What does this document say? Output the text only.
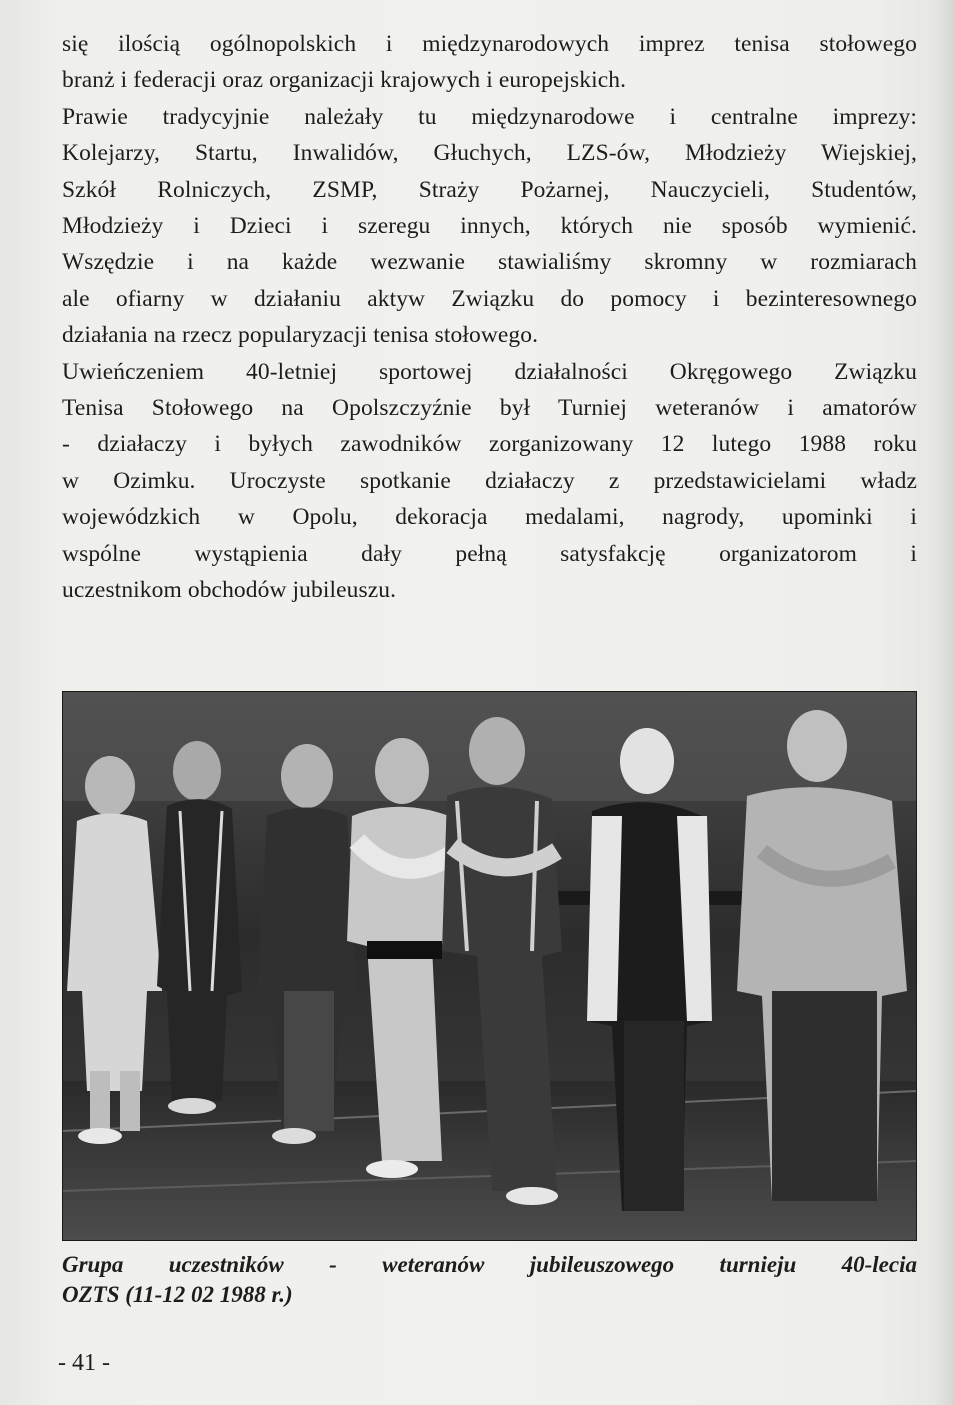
się ilością ogólnopolskich i międzynarodowych imprez tenisa stołowego
branż i federacji oraz organizacji krajowych i europejskich.

Prawie tradycyjnie należały tu międzynarodowe i centralne imprezy:
Kolejarzy, Startu, Inwalidów, Głuchych, LZS-ów, Młodzieży Wiejskiej,
Szkół Rolniczych, ZSMP, Straży Pożarnej, Nauczycieli, Studentów,
Młodzieży i Dzieci i szeregu innych, których nie sposób wymienić.
Wszędzie i na każde wezwanie stawialiśmy skromny w rozmiarach
ale ofiarny w działaniu aktyw Związku do pomocy i bezinteresownego
działania na rzecz popularyzacji tenisa stołowego.

Uwieńczeniem 40-letniej sportowej działalności Okręgowego Związku
Tenisa Stołowego na Opolszczyźnie był Turniej weteranów i amatorów
- działaczy i byłych zawodników zorganizowany 12 lutego 1988 roku
w Ozimku. Uroczyste spotkanie działaczy z przedstawicielami władz
wojewódzkich w Opolu, dekoracja medalami, nagrody, upominki i
wspólne wystąpienia dały pełną satysfakcję organizatorom i
uczestnikom obchodów jubileuszu.

Grupa uczestników - weteranów jubileuszowego turnieju 40-lecia
OZTS (11-12 02 1988 r.)
- 41 -
